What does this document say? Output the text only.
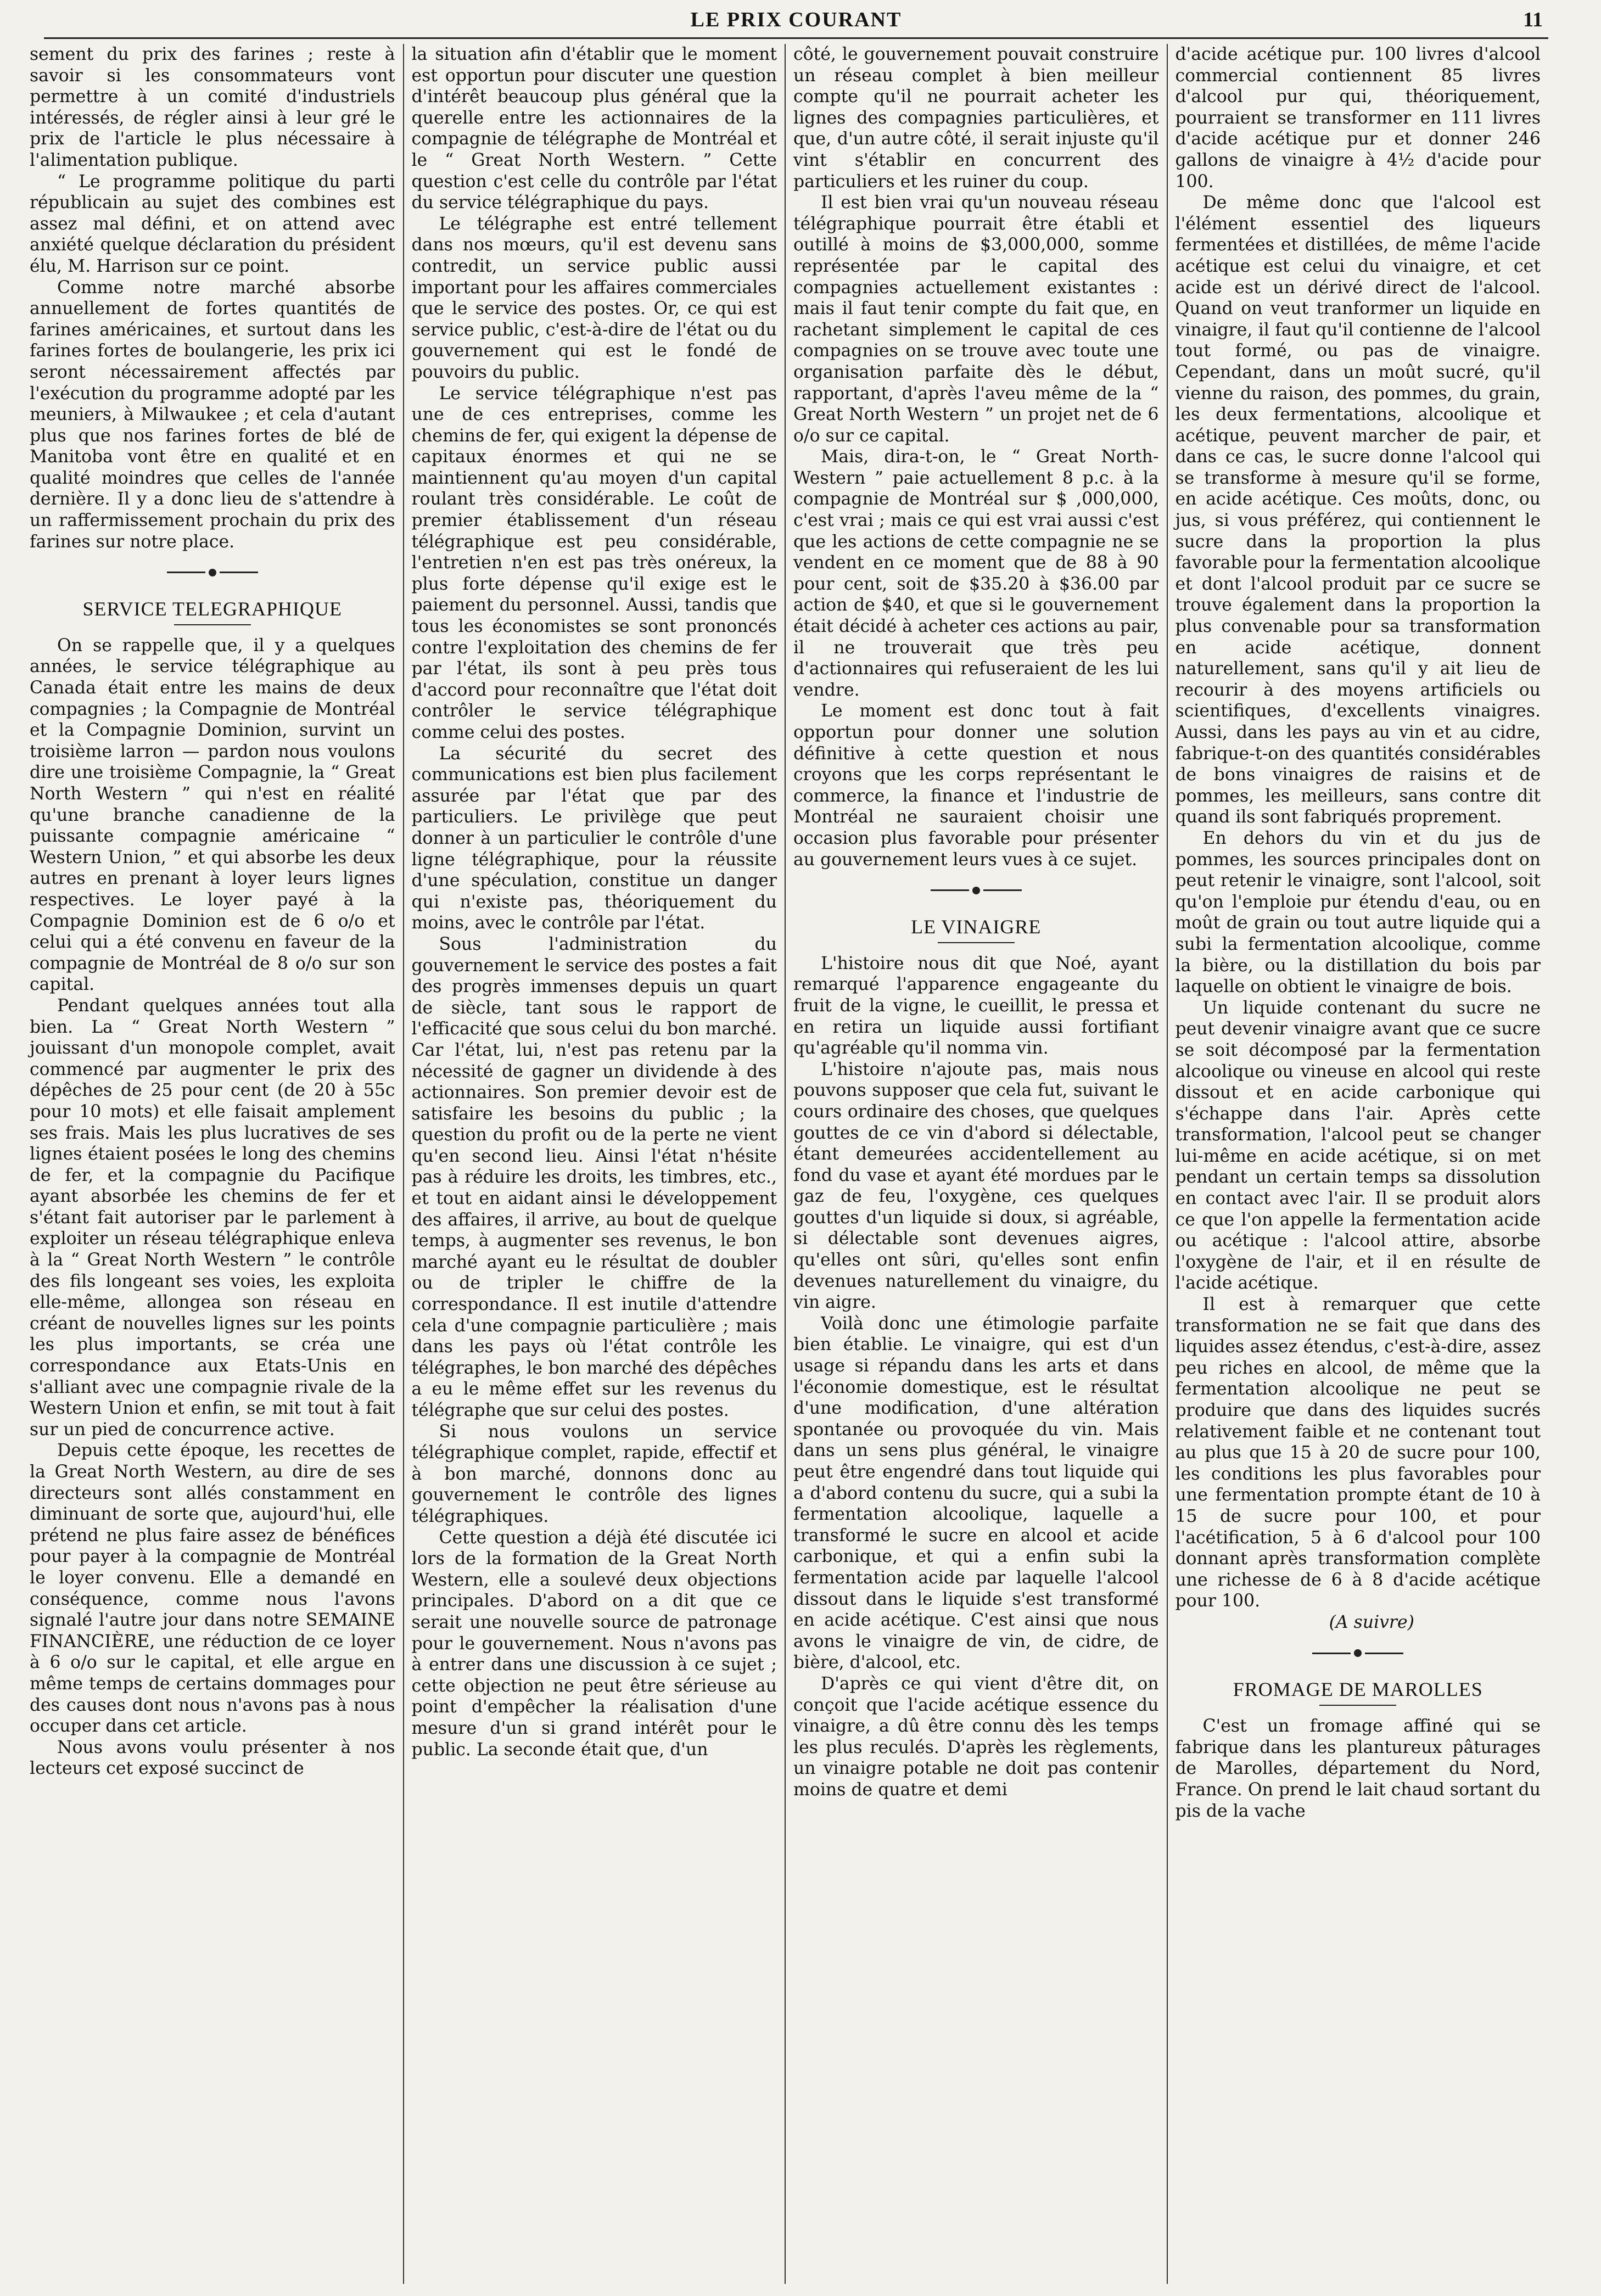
LE PRIX COURANT	11

sement du prix des farines ; reste à savoir si les consommateurs vont permettre à un comité d'industriels intéressés, de régler ainsi à leur gré le prix de l'article le plus nécessaire à l'alimentation publique.

“ Le programme politique du parti républicain au sujet des combines est assez mal défini, et on attend avec anxiété quelque déclaration du président élu, M. Harrison sur ce point.

Comme notre marché absorbe annuellement de fortes quantités de farines américaines, et surtout dans les farines fortes de boulangerie, les prix ici seront nécessairement affectés par l'exécution du programme adopté par les meuniers, à Milwaukee ; et cela d'autant plus que nos farines fortes de blé de Manitoba vont être en qualité et en qualité moindres que celles de l'année dernière. Il y a donc lieu de s'attendre à un raffermissement prochain du prix des farines sur notre place.

SERVICE TELEGRAPHIQUE

On se rappelle que, il y a quelques années, le service télégraphique au Canada était entre les mains de deux compagnies ; la Compagnie de Montréal et la Compagnie Dominion, survint un troisième larron — pardon nous voulons dire une troisième Compagnie, la “ Great North Western ” qui n'est en réalité qu'une branche canadienne de la puissante compagnie américaine “ Western Union, ” et qui absorbe les deux autres en prenant à loyer leurs lignes respectives. Le loyer payé à la Compagnie Dominion est de 6 o/o et celui qui a été convenu en faveur de la compagnie de Montréal de 8 o/o sur son capital.

Pendant quelques années tout alla bien. La “ Great North Western ” jouissant d'un monopole complet, avait commencé par augmenter le prix des dépêches de 25 pour cent (de 20 à 55c pour 10 mots) et elle faisait amplement ses frais. Mais les plus lucratives de ses lignes étaient posées le long des chemins de fer, et la compagnie du Pacifique ayant absorbée les chemins de fer et s'étant fait autoriser par le parlement à exploiter un réseau télégraphique enleva à la “ Great North Western ” le contrôle des fils longeant ses voies, les exploita elle-même, allongea son réseau en créant de nouvelles lignes sur les points les plus importants, se créa une correspondance aux Etats-Unis en s'alliant avec une compagnie rivale de la Western Union et enfin, se mit tout à fait sur un pied de concurrence active.

Depuis cette époque, les recettes de la Great North Western, au dire de ses directeurs sont allés constamment en diminuant de sorte que, aujourd'hui, elle prétend ne plus faire assez de bénéfices pour payer à la compagnie de Montréal le loyer convenu. Elle a demandé en conséquence, comme nous l'avons signalé l'autre jour dans notre SEMAINE FINANCIÈRE, une réduction de ce loyer à 6 o/o sur le capital, et elle argue en même temps de certains dommages pour des causes dont nous n'avons pas à nous occuper dans cet article.

Nous avons voulu présenter à nos lecteurs cet exposé succinct de

la situation afin d'établir que le moment est opportun pour discuter une question d'intérêt beaucoup plus général que la querelle entre les actionnaires de la compagnie de télégraphe de Montréal et le “ Great North Western. ” Cette question c'est celle du contrôle par l'état du service télégraphique du pays.

Le télégraphe est entré tellement dans nos mœurs, qu'il est devenu sans contredit, un service public aussi important pour les affaires commerciales que le service des postes. Or, ce qui est service public, c'est-à-dire de l'état ou du gouvernement qui est le fondé de pouvoirs du public.

Le service télégraphique n'est pas une de ces entreprises, comme les chemins de fer, qui exigent la dépense de capitaux énormes et qui ne se maintiennent qu'au moyen d'un capital roulant très considérable. Le coût de premier établissement d'un réseau télégraphique est peu considérable, l'entretien n'en est pas très onéreux, la plus forte dépense qu'il exige est le paiement du personnel. Aussi, tandis que tous les économistes se sont prononcés contre l'exploitation des chemins de fer par l'état, ils sont à peu près tous d'accord pour reconnaître que l'état doit contrôler le service télégraphique comme celui des postes.

La sécurité du secret des communications est bien plus facilement assurée par l'état que par des particuliers. Le privilège que peut donner à un particulier le contrôle d'une ligne télégraphique, pour la réussite d'une spéculation, constitue un danger qui n'existe pas, théoriquement du moins, avec le contrôle par l'état.

Sous l'administration du gouvernement le service des postes a fait des progrès immenses depuis un quart de siècle, tant sous le rapport de l'efficacité que sous celui du bon marché. Car l'état, lui, n'est pas retenu par la nécessité de gagner un dividende à des actionnaires. Son premier devoir est de satisfaire les besoins du public ; la question du profit ou de la perte ne vient qu'en second lieu. Ainsi l'état n'hésite pas à réduire les droits, les timbres, etc., et tout en aidant ainsi le développement des affaires, il arrive, au bout de quelque temps, à augmenter ses revenus, le bon marché ayant eu le résultat de doubler ou de tripler le chiffre de la correspondance. Il est inutile d'attendre cela d'une compagnie particulière ; mais dans les pays où l'état contrôle les télégraphes, le bon marché des dépêches a eu le même effet sur les revenus du télégraphe que sur celui des postes.

Si nous voulons un service télégraphique complet, rapide, effectif et à bon marché, donnons donc au gouvernement le contrôle des lignes télégraphiques.

Cette question a déjà été discutée ici lors de la formation de la Great North Western, elle a soulevé deux objections principales. D'abord on a dit que ce serait une nouvelle source de patronage pour le gouvernement. Nous n'avons pas à entrer dans une discussion à ce sujet ; cette objection ne peut être sérieuse au point d'empêcher la réalisation d'une mesure d'un si grand intérêt pour le public. La seconde était que, d'un

côté, le gouvernement pouvait construire un réseau complet à bien meilleur compte qu'il ne pourrait acheter les lignes des compagnies particulières, et que, d'un autre côté, il serait injuste qu'il vint s'établir en concurrent des particuliers et les ruiner du coup.

Il est bien vrai qu'un nouveau réseau télégraphique pourrait être établi et outillé à moins de $3,000,000, somme représentée par le capital des compagnies actuellement existantes : mais il faut tenir compte du fait que, en rachetant simplement le capital de ces compagnies on se trouve avec toute une organisation parfaite dès le début, rapportant, d'après l'aveu même de la “ Great North Western ” un projet net de 6 o/o sur ce capital.

Mais, dira-t-on, le “ Great North-Western ” paie actuellement 8 p.c. à la compagnie de Montréal sur $ ,000,000, c'est vrai ; mais ce qui est vrai aussi c'est que les actions de cette compagnie ne se vendent en ce moment que de 88 à 90 pour cent, soit de $35.20 à $36.00 par action de $40, et que si le gouvernement était décidé à acheter ces actions au pair, il ne trouverait que très peu d'actionnaires qui refuseraient de les lui vendre.

Le moment est donc tout à fait opportun pour donner une solution définitive à cette question et nous croyons que les corps représentant le commerce, la finance et l'industrie de Montréal ne sauraient choisir une occasion plus favorable pour présenter au gouvernement leurs vues à ce sujet.

LE VINAIGRE

L'histoire nous dit que Noé, ayant remarqué l'apparence engageante du fruit de la vigne, le cueillit, le pressa et en retira un liquide aussi fortifiant qu'agréable qu'il nomma vin.

L'histoire n'ajoute pas, mais nous pouvons supposer que cela fut, suivant le cours ordinaire des choses, que quelques gouttes de ce vin d'abord si délectable, étant demeurées accidentellement au fond du vase et ayant été mordues par le gaz de feu, l'oxygène, ces quelques gouttes d'un liquide si doux, si agréable, si délectable sont devenues aigres, qu'elles ont sûri, qu'elles sont enfin devenues naturellement du vinaigre, du vin aigre.

Voilà donc une étimologie parfaite bien établie. Le vinaigre, qui est d'un usage si répandu dans les arts et dans l'économie domestique, est le résultat d'une modification, d'une altération spontanée ou provoquée du vin. Mais dans un sens plus général, le vinaigre peut être engendré dans tout liquide qui a d'abord contenu du sucre, qui a subi la fermentation alcoolique, laquelle a transformé le sucre en alcool et acide carbonique, et qui a enfin subi la fermentation acide par laquelle l'alcool dissout dans le liquide s'est transformé en acide acétique. C'est ainsi que nous avons le vinaigre de vin, de cidre, de bière, d'alcool, etc.

D'après ce qui vient d'être dit, on conçoit que l'acide acétique essence du vinaigre, a dû être connu dès les temps les plus reculés. D'après les règlements, un vinaigre potable ne doit pas contenir moins de quatre et demi

d'acide acétique pur. 100 livres d'alcool commercial contiennent 85 livres d'alcool pur qui, théoriquement, pourraient se transformer en 111 livres d'acide acétique pur et donner 246 gallons de vinaigre à 4½ d'acide pour 100.

De même donc que l'alcool est l'élément essentiel des liqueurs fermentées et distillées, de même l'acide acétique est celui du vinaigre, et cet acide est un dérivé direct de l'alcool. Quand on veut tranformer un liquide en vinaigre, il faut qu'il contienne de l'alcool tout formé, ou pas de vinaigre. Cependant, dans un moût sucré, qu'il vienne du raison, des pommes, du grain, les deux fermentations, alcoolique et acétique, peuvent marcher de pair, et dans ce cas, le sucre donne l'alcool qui se transforme à mesure qu'il se forme, en acide acétique. Ces moûts, donc, ou jus, si vous préférez, qui contiennent le sucre dans la proportion la plus favorable pour la fermentation alcoolique et dont l'alcool produit par ce sucre se trouve également dans la proportion la plus convenable pour sa transformation en acide acétique, donnent naturellement, sans qu'il y ait lieu de recourir à des moyens artificiels ou scientifiques, d'excellents vinaigres. Aussi, dans les pays au vin et au cidre, fabrique-t-on des quantités considérables de bons vinaigres de raisins et de pommes, les meilleurs, sans contre dit quand ils sont fabriqués proprement.

En dehors du vin et du jus de pommes, les sources principales dont on peut retenir le vinaigre, sont l'alcool, soit qu'on l'emploie pur étendu d'eau, ou en moût de grain ou tout autre liquide qui a subi la fermentation alcoolique, comme la bière, ou la distillation du bois par laquelle on obtient le vinaigre de bois.

Un liquide contenant du sucre ne peut devenir vinaigre avant que ce sucre se soit décomposé par la fermentation alcoolique ou vineuse en alcool qui reste dissout et en acide carbonique qui s'échappe dans l'air. Après cette transformation, l'alcool peut se changer lui-même en acide acétique, si on met pendant un certain temps sa dissolution en contact avec l'air. Il se produit alors ce que l'on appelle la fermentation acide ou acétique : l'alcool attire, absorbe l'oxygène de l'air, et il en résulte de l'acide acétique.

Il est à remarquer que cette transformation ne se fait que dans des liquides assez étendus, c'est-à-dire, assez peu riches en alcool, de même que la fermentation alcoolique ne peut se produire que dans des liquides sucrés relativement faible et ne contenant tout au plus que 15 à 20 de sucre pour 100, les conditions les plus favorables pour une fermentation prompte étant de 10 à 15 de sucre pour 100, et pour l'acétification, 5 à 6 d'alcool pour 100 donnant après transformation complète une richesse de 6 à 8 d'acide acétique pour 100.

(A suivre)

FROMAGE DE MAROLLES

C'est un fromage affiné qui se fabrique dans les plantureux pâturages de Marolles, département du Nord, France. On prend le lait chaud sortant du pis de la vache
